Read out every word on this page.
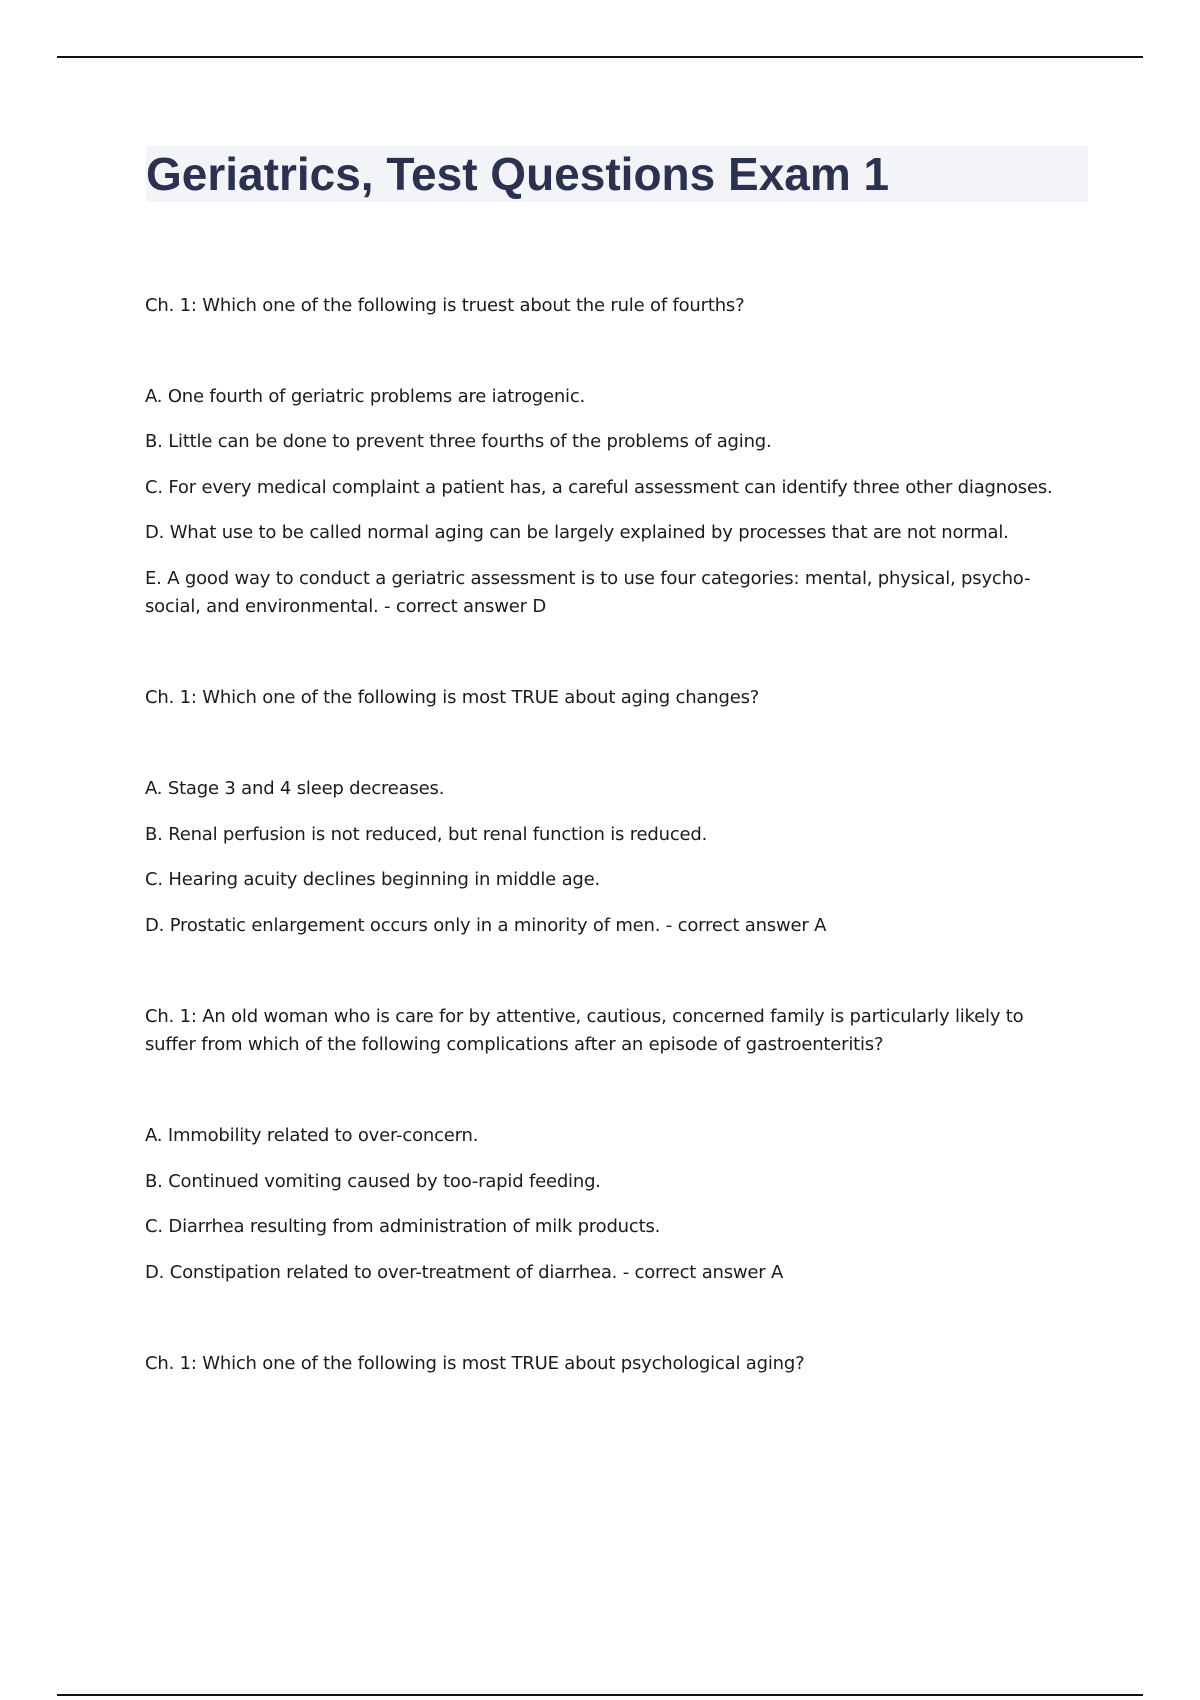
Geriatrics, Test Questions Exam 1

Ch. 1: Which one of the following is truest about the rule of fourths?

A. One fourth of geriatric problems are iatrogenic.

B. Little can be done to prevent three fourths of the problems of aging.

C. For every medical complaint a patient has, a careful assessment can identify three other diagnoses.

D. What use to be called normal aging can be largely explained by processes that are not normal.

E. A good way to conduct a geriatric assessment is to use four categories: mental, physical, psycho-social, and environmental. - correct answer D

Ch. 1: Which one of the following is most TRUE about aging changes?

A. Stage 3 and 4 sleep decreases.

B. Renal perfusion is not reduced, but renal function is reduced.

C. Hearing acuity declines beginning in middle age.

D. Prostatic enlargement occurs only in a minority of men. - correct answer A

Ch. 1: An old woman who is care for by attentive, cautious, concerned family is particularly likely to suffer from which of the following complications after an episode of gastroenteritis?

A. Immobility related to over-concern.

B. Continued vomiting caused by too-rapid feeding.

C. Diarrhea resulting from administration of milk products.

D. Constipation related to over-treatment of diarrhea. - correct answer A

Ch. 1: Which one of the following is most TRUE about psychological aging?
